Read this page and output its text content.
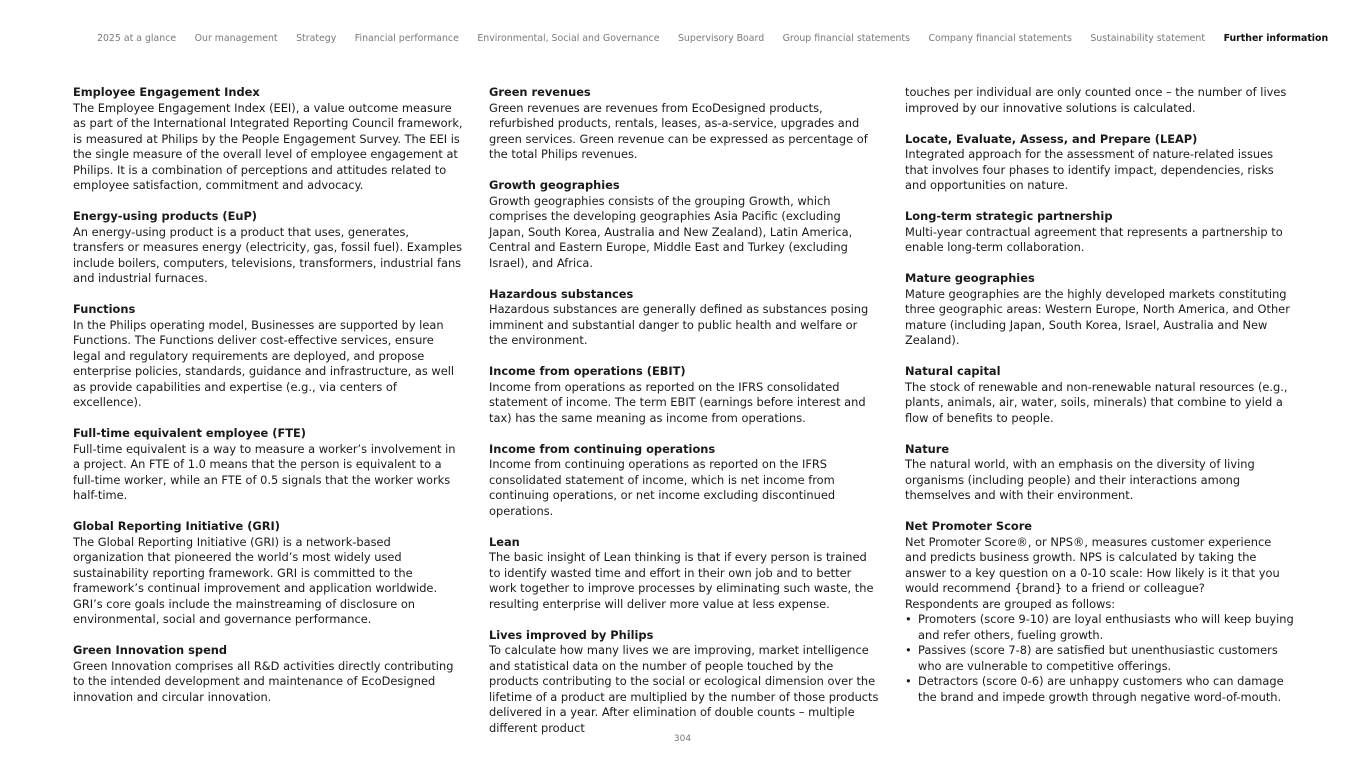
2025 at a glance Our management Strategy Financial performance Environmental, Social and Governance Supervisory Board Group financial statements Company financial statements Sustainability statement Further information
Employee Engagement Index

The Employee Engagement Index (EEI), a value outcome measure as part of the International Integrated Reporting Council framework, is measured at Philips by the People Engagement Survey. The EEI is the single measure of the overall level of employee engagement at Philips. It is a combination of perceptions and attitudes related to employee satisfaction, commitment and advocacy.

Energy-using products (EuP)

An energy-using product is a product that uses, generates, transfers or measures energy (electricity, gas, fossil fuel). Examples include boilers, computers, televisions, transformers, industrial fans and industrial furnaces.

Functions

In the Philips operating model, Businesses are supported by lean Functions. The Functions deliver cost-effective services, ensure legal and regulatory requirements are deployed, and propose enterprise policies, standards, guidance and infrastructure, as well as provide capabilities and expertise (e.g., via centers of excellence).

Full-time equivalent employee (FTE)

Full-time equivalent is a way to measure a worker’s involvement in a project. An FTE of 1.0 means that the person is equivalent to a full-time worker, while an FTE of 0.5 signals that the worker works half-time.

Global Reporting Initiative (GRI)

The Global Reporting Initiative (GRI) is a network-based organization that pioneered the world’s most widely used sustainability reporting framework. GRI is committed to the framework’s continual improvement and application worldwide. GRI’s core goals include the mainstreaming of disclosure on environmental, social and governance performance.

Green Innovation spend

Green Innovation comprises all R&D activities directly contributing to the intended development and maintenance of EcoDesigned innovation and circular innovation.

Green revenues

Green revenues are revenues from EcoDesigned products, refurbished products, rentals, leases, as-a-service, upgrades and green services. Green revenue can be expressed as percentage of the total Philips revenues.

Growth geographies

Growth geographies consists of the grouping Growth, which comprises the developing geographies Asia Pacific (excluding Japan, South Korea, Australia and New Zealand), Latin America, Central and Eastern Europe, Middle East and Turkey (excluding Israel), and Africa.

Hazardous substances

Hazardous substances are generally defined as substances posing imminent and substantial danger to public health and welfare or the environment.

Income from operations (EBIT)

Income from operations as reported on the IFRS consolidated statement of income. The term EBIT (earnings before interest and tax) has the same meaning as income from operations.

Income from continuing operations

Income from continuing operations as reported on the IFRS consolidated statement of income, which is net income from continuing operations, or net income excluding discontinued operations.

Lean

The basic insight of Lean thinking is that if every person is trained to identify wasted time and effort in their own job and to better work together to improve processes by eliminating such waste, the resulting enterprise will deliver more value at less expense.

Lives improved by Philips

To calculate how many lives we are improving, market intelligence and statistical data on the number of people touched by the products contributing to the social or ecological dimension over the lifetime of a product are multiplied by the number of those products delivered in a year. After elimination of double counts – multiple different product

touches per individual are only counted once – the number of lives improved by our innovative solutions is calculated.

Locate, Evaluate, Assess, and Prepare (LEAP)

Integrated approach for the assessment of nature-related issues that involves four phases to identify impact, dependencies, risks and opportunities on nature.

Long-term strategic partnership

Multi-year contractual agreement that represents a partnership to enable long-term collaboration.

Mature geographies

Mature geographies are the highly developed markets constituting three geographic areas: Western Europe, North America, and Other mature (including Japan, South Korea, Israel, Australia and New Zealand).

Natural capital

The stock of renewable and non-renewable natural resources (e.g., plants, animals, air, water, soils, minerals) that combine to yield a flow of benefits to people.

Nature

The natural world, with an emphasis on the diversity of living organisms (including people) and their interactions among themselves and with their environment.

Net Promoter Score

Net Promoter Score®, or NPS®, measures customer experience and predicts business growth. NPS is calculated by taking the answer to a key question on a 0-10 scale: How likely is it that you would recommend {brand} to a friend or colleague?

Respondents are grouped as follows:

• Promoters (score 9-10) are loyal enthusiasts who will keep buying and refer others, fueling growth.
• Passives (score 7-8) are satisfied but unenthusiastic customers who are vulnerable to competitive offerings.
• Detractors (score 0-6) are unhappy customers who can damage the brand and impede growth through negative word-of-mouth.
304
